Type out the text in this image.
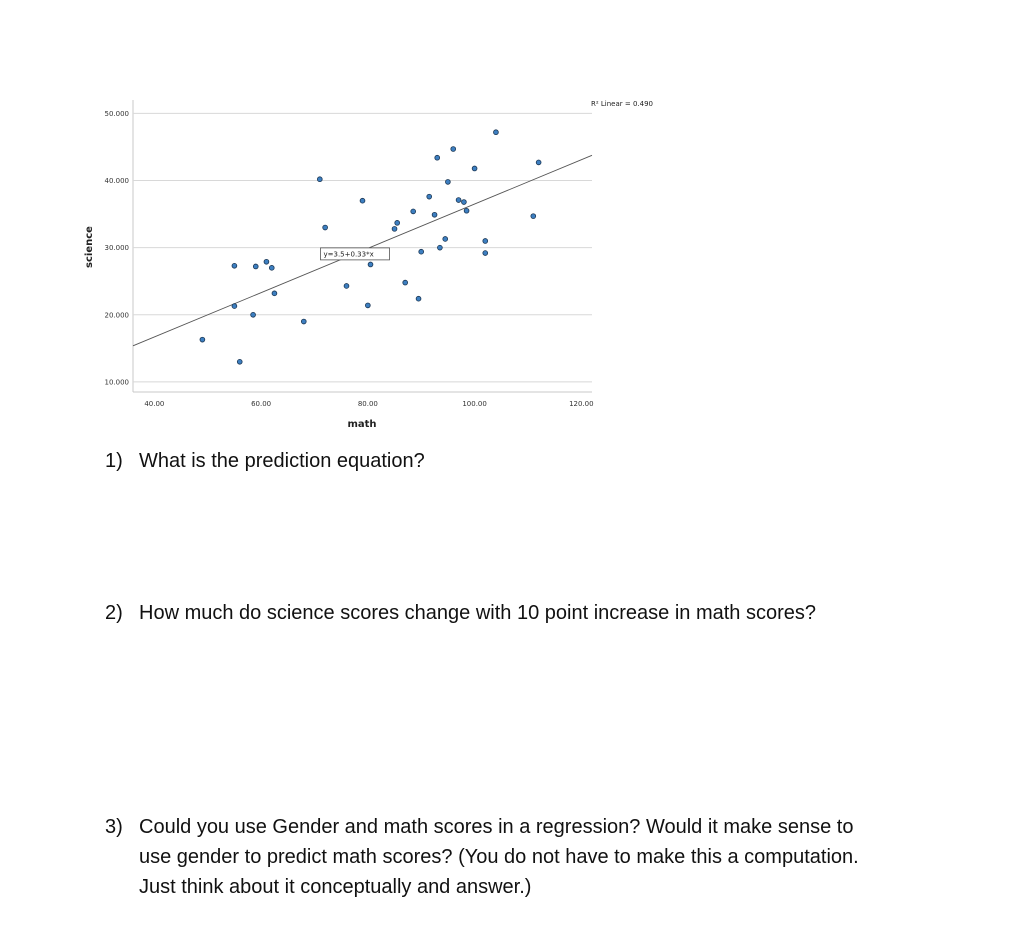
10.000
20.000
30.000
40.000
50.000
40.00	60.00	80.00	100.00	120.00
y=3.5+0.33*x
R² Linear = 0.490
math
science
1) What is the prediction equation?
2) How much do science scores change with 10 point increase in math scores?
3) Could you use Gender and math scores in a regression? Would it make sense to
use gender to predict math scores? (You do not have to make this a computation.
Just think about it conceptually and answer.)
